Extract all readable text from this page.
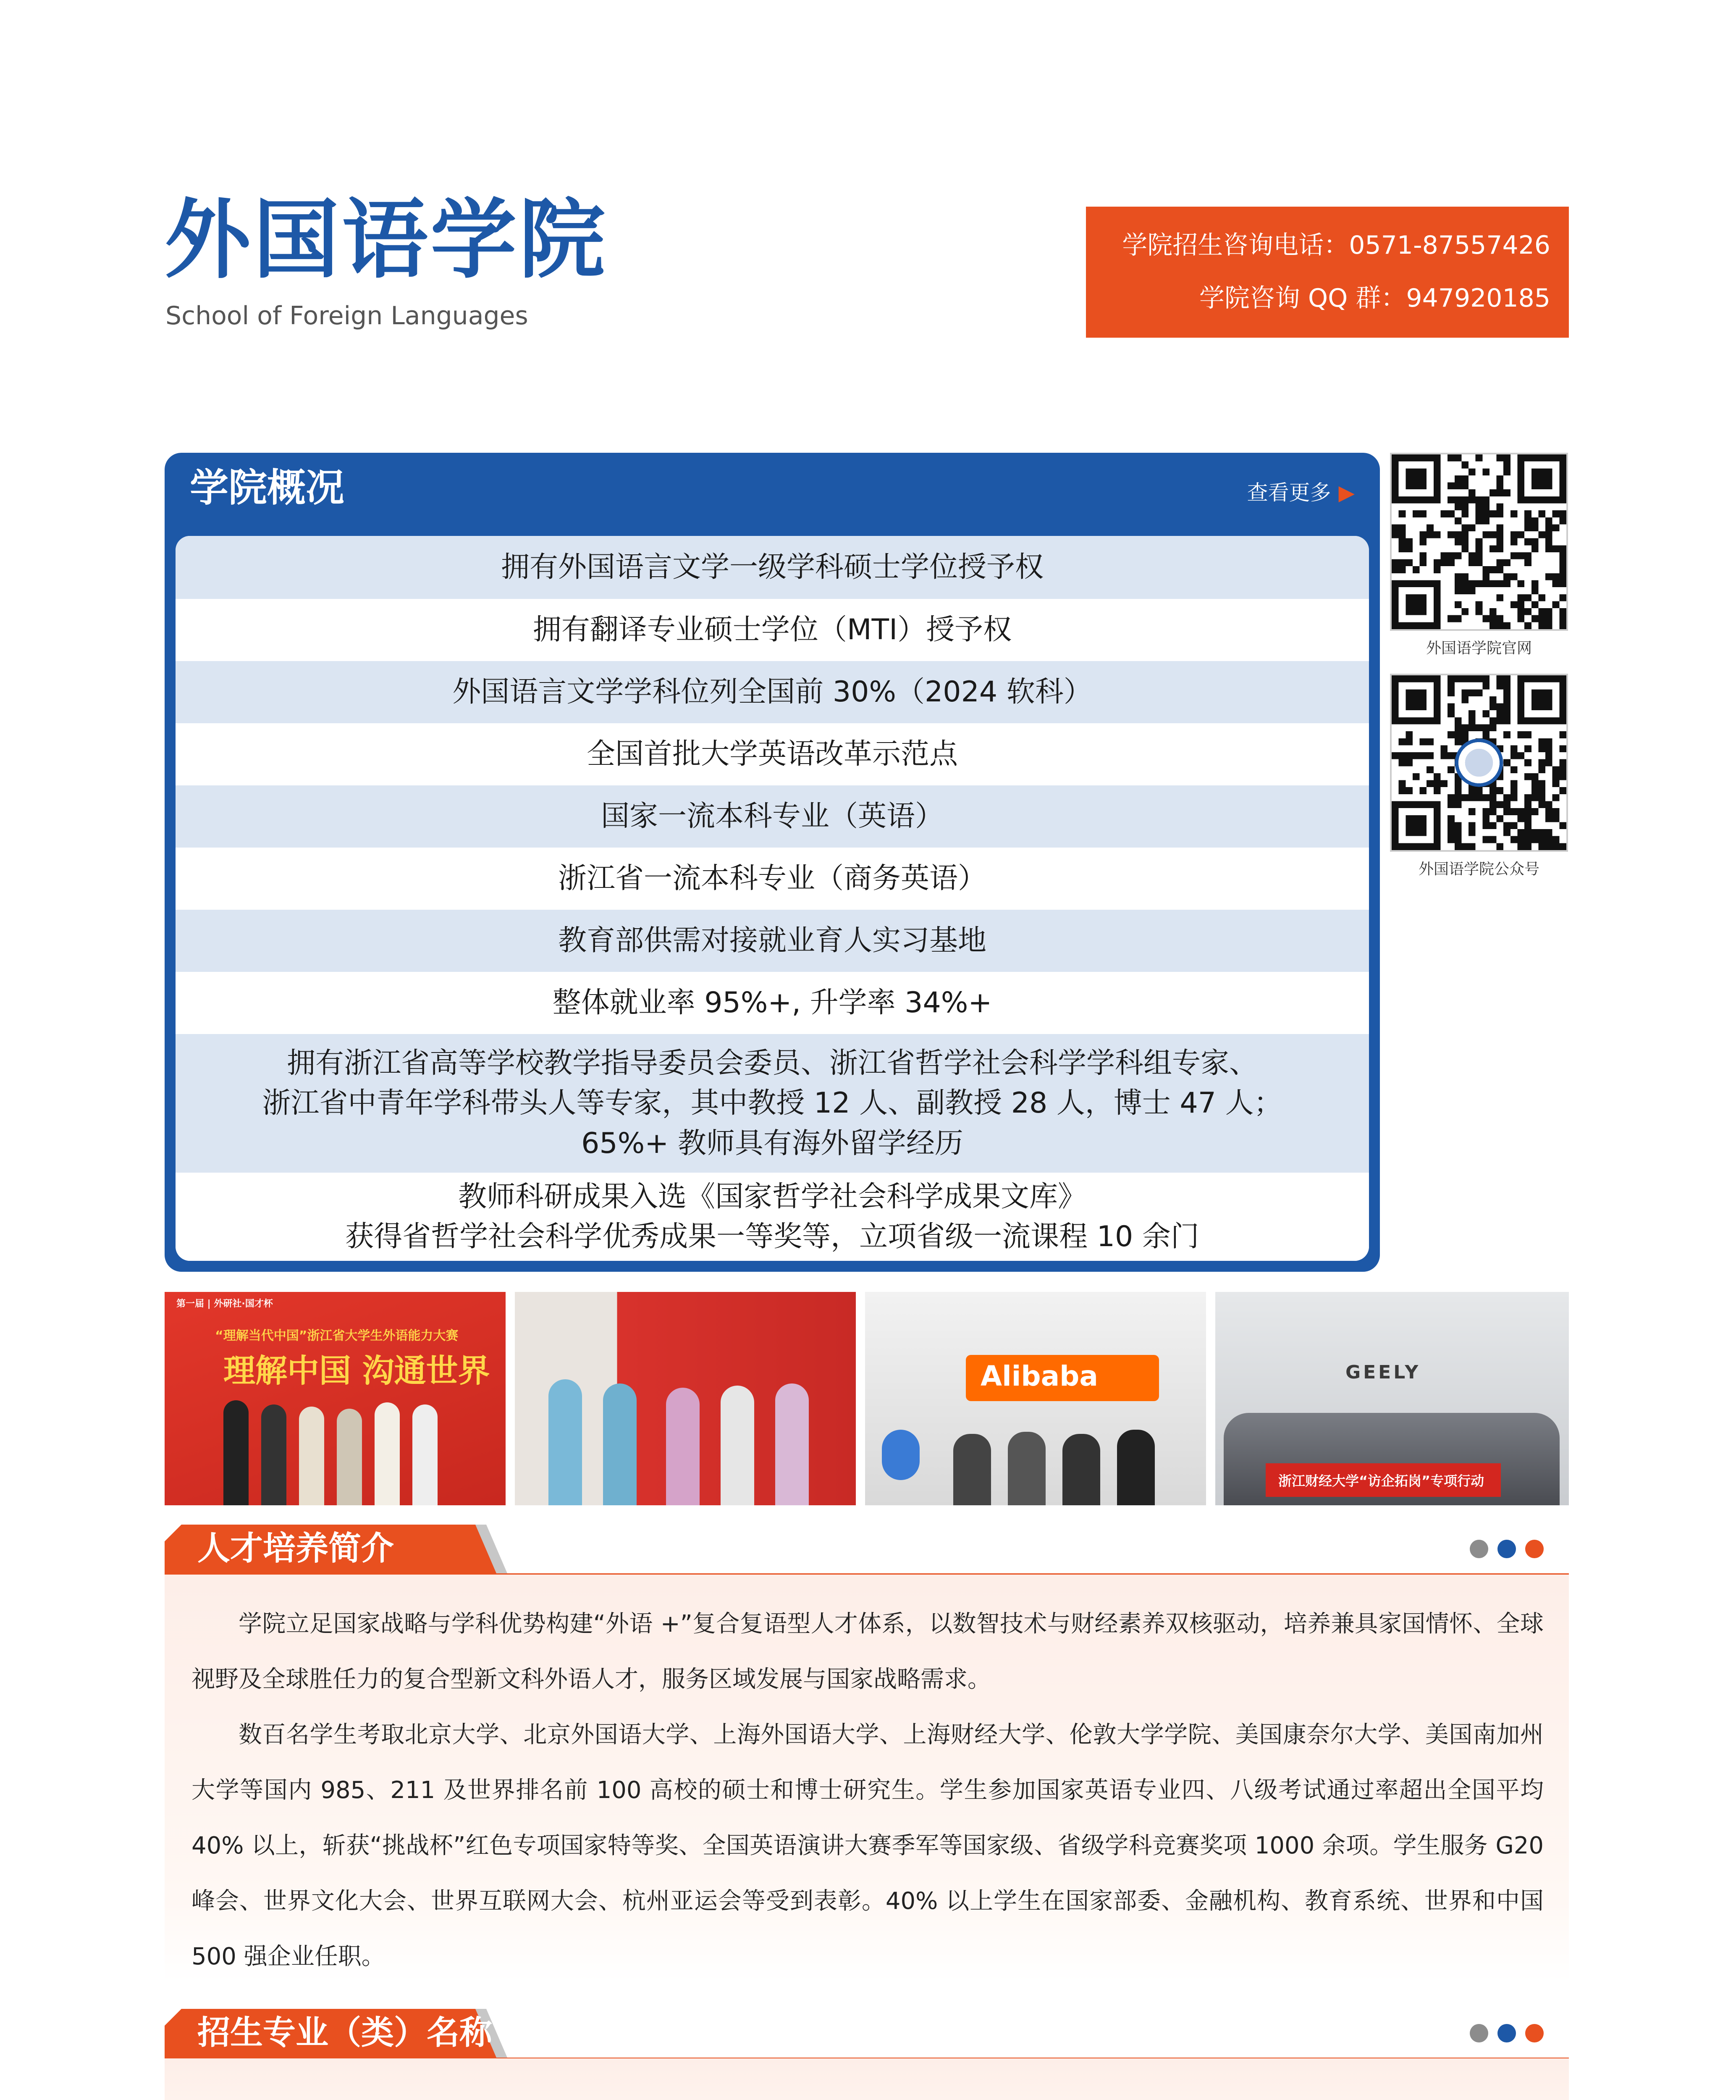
外国语学院
School of Foreign Languages
学院招生咨询电话：0571-87557426
学院咨询 QQ 群：947920185
学院概况	查看更多 ▶
拥有外国语言文学一级学科硕士学位授予权
拥有翻译专业硕士学位（MTI）授予权
外国语言文学学科位列全国前 30%（2024 软科）
全国首批大学英语改革示范点
国家一流本科专业（英语）
浙江省一流本科专业（商务英语）
教育部供需对接就业育人实习基地
整体就业率 95%+, 升学率 34%+
拥有浙江省高等学校教学指导委员会委员、浙江省哲学社会科学学科组专家、
浙江省中青年学科带头人等专家，其中教授 12 人、副教授 28 人，博士 47 人；
65%+ 教师具有海外留学经历
教师科研成果入选《国家哲学社会科学成果文库》
获得省哲学社会科学优秀成果一等奖等，立项省级一流课程 10 余门
外国语学院官网
外国语学院公众号
第一届 | 外研社·国才杯
“理解当代中国”浙江省大学生外语能力大赛
理解中国 沟通世界	Alibaba	GEELY
浙江财经大学“访企拓岗”专项行动
人才培养简介
学院立足国家战略与学科优势构建“外语 +”复合复语型人才体系，以数智技术与财经素养双核驱动，培养兼具家国情怀、全球视野及全球胜任力的复合型新文科外语人才，服务区域发展与国家战略需求。
数百名学生考取北京大学、北京外国语大学、上海外国语大学、上海财经大学、伦敦大学学院、美国康奈尔大学、美国南加州大学等国内 985、211 及世界排名前 100 高校的硕士和博士研究生。学生参加国家英语专业四、八级考试通过率超出全国平均 40% 以上，斩获“挑战杯”红色专项国家特等奖、全国英语演讲大赛季军等国家级、省级学科竞赛奖项 1000 余项。学生服务 G20 峰会、世界文化大会、世界互联网大会、杭州亚运会等受到表彰。40% 以上学生在国家部委、金融机构、教育系统、世界和中国 500 强企业任职。
招生专业（类）名称
